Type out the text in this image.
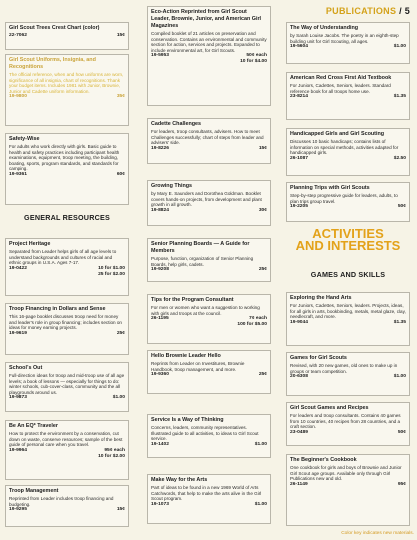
PUBLICATIONS / 5
Girl Scout Trees Crest Chart (color)
22-7062	15¢
Girl Scout Uniforms, Insignia, and Recognitions

The official reference, when and how uniforms are worn, significance of all insignia, chart of recognitions. Thank your budget items. Includes 1981 with Junior, Brownie, Junior and Cadette uniform information.

19-9800	35¢
Safety-Wise

For adults who work directly with girls. Basic guide to health and safety practices including participant health examinations, equipment, troop meeting, the building, boating, sports, program standards, and standards for camping.

19-9361	60¢
GENERAL RESOURCES
Project Heritage

Separated from Leader helps girls of all age levels to understand backgrounds and cultures of racial and ethnic groups in U.S.A. Ages 7-17.

19-0422	10 for $1.00
25 for $2.00
Troop Financing in Dollars and Sense

This 16-page booklet discusses troop need for money and leader's role in group financing; includes section on ideas for money earning projects.

19-9619	25¢
Schoolʼs Out

Full-direction ideas for troop and mid-troop use of all age levels; a book of lessons — especially for things to do: winter schools, cub-cover-class, community and the all playgrounds around us.

19-9873	$1.00
Be An EQ* Traveler

How to protect the environment by a conservation, cut down on waste, conserve resources; sample of the best guide of personal care when you travel.

19-9964	95¢ each
10 for $2.00
Troop Management

Reprinted from Leader includes troop financing and budgeting.

19-9295	15¢
Eco-Action Reprinted from Girl Scout Leader, Brownie, Junior, and American Girl Magazines

Compiled booklet of 21 articles on preservation and conservation. Contains an environmental and community section for action, services and projects. Expanded to include environmental art, for Girl Scouts.

19-5953	50¢ each
10 for $4.00
Cadette Challenges

For leaders, troop consultants, advisers. How to meet Challenges successfully; chart of steps from leader and advisers' side.

19-8226	15¢
Growing Things

by Mary E. Saunders and Dorothea Goldman. Booklet covers hands-on projects, from development and plant growth in all growth.

19-8824	30¢
Senior Planning Boards — A Guide for Members

Purpose, function, organization of Senior Planning Boards, help girls, cadets.

19-9208	25¢
Tips for the Program Consultant

For men or women who want a suggestion to working with girls and troops at the council.

26-1195	7¢ each
100 for $5.00
Hello Brownie Leader Hello

Reprints from Leader on Investitures, Brownie Handbook, troop management, and more.

19-9360	25¢
Service Is a Way of Thinking

Concerns, leaders, community representatives. Illustrated guide to all activities, to ideas to Girl Scout service.

19-1402	$1.00
Make Way for the Arts

Part of ideas to be found in a new 1969 World of Arts Catchwords, that help to make the arts alive in the Girl Scout program.

19-1073	$1.00
The Way of Understanding

by Sarah Louise Jacobs. The poetry in an eighth-step building unit for Girl Scouting, all ages.

19-5604	$1.00
American Red Cross First Aid Textbook

For Juniors, Cadettes, Seniors, leaders. Standard reference book for all troops home use.

23-8214	$1.35
Handicapped Girls and Girl Scouting

Discusses 10 basic handicaps; contains lists of information on special methods, activities adapted for handicapped girls.

26-1087	$2.50
Planning Trips with Girl Scouts

Step-by-step progressive guide for leaders, adults, to plan trips group travel.

19-2205	50¢
ACTIVITIES
AND INTERESTS
GAMES AND SKILLS
Exploring the Hand Arts

For Juniors, Cadettes, Seniors, leaders. Projects, ideas, for all girls in arts, bookbinding, metals, metal glaze, clay, needlecraft, and more.

19-9044	$1.35
Games for Girl Scouts

Revised, with 20 new games, old ones to make up in groups or team competition.

20-6308	$1.00
Girl Scout Games and Recipes

For leaders and troop consultants. Contains 40 games from 10 countries, 40 recipes from 28 countries, and a craft section.

23-0489	50¢
The Beginner's Cookbook

One cookbook for girls and boys of Brownie and Junior Girl Scout age groups. Available only through Girl Publications new and old.

26-1149	95¢
Color key indicates new materials.
